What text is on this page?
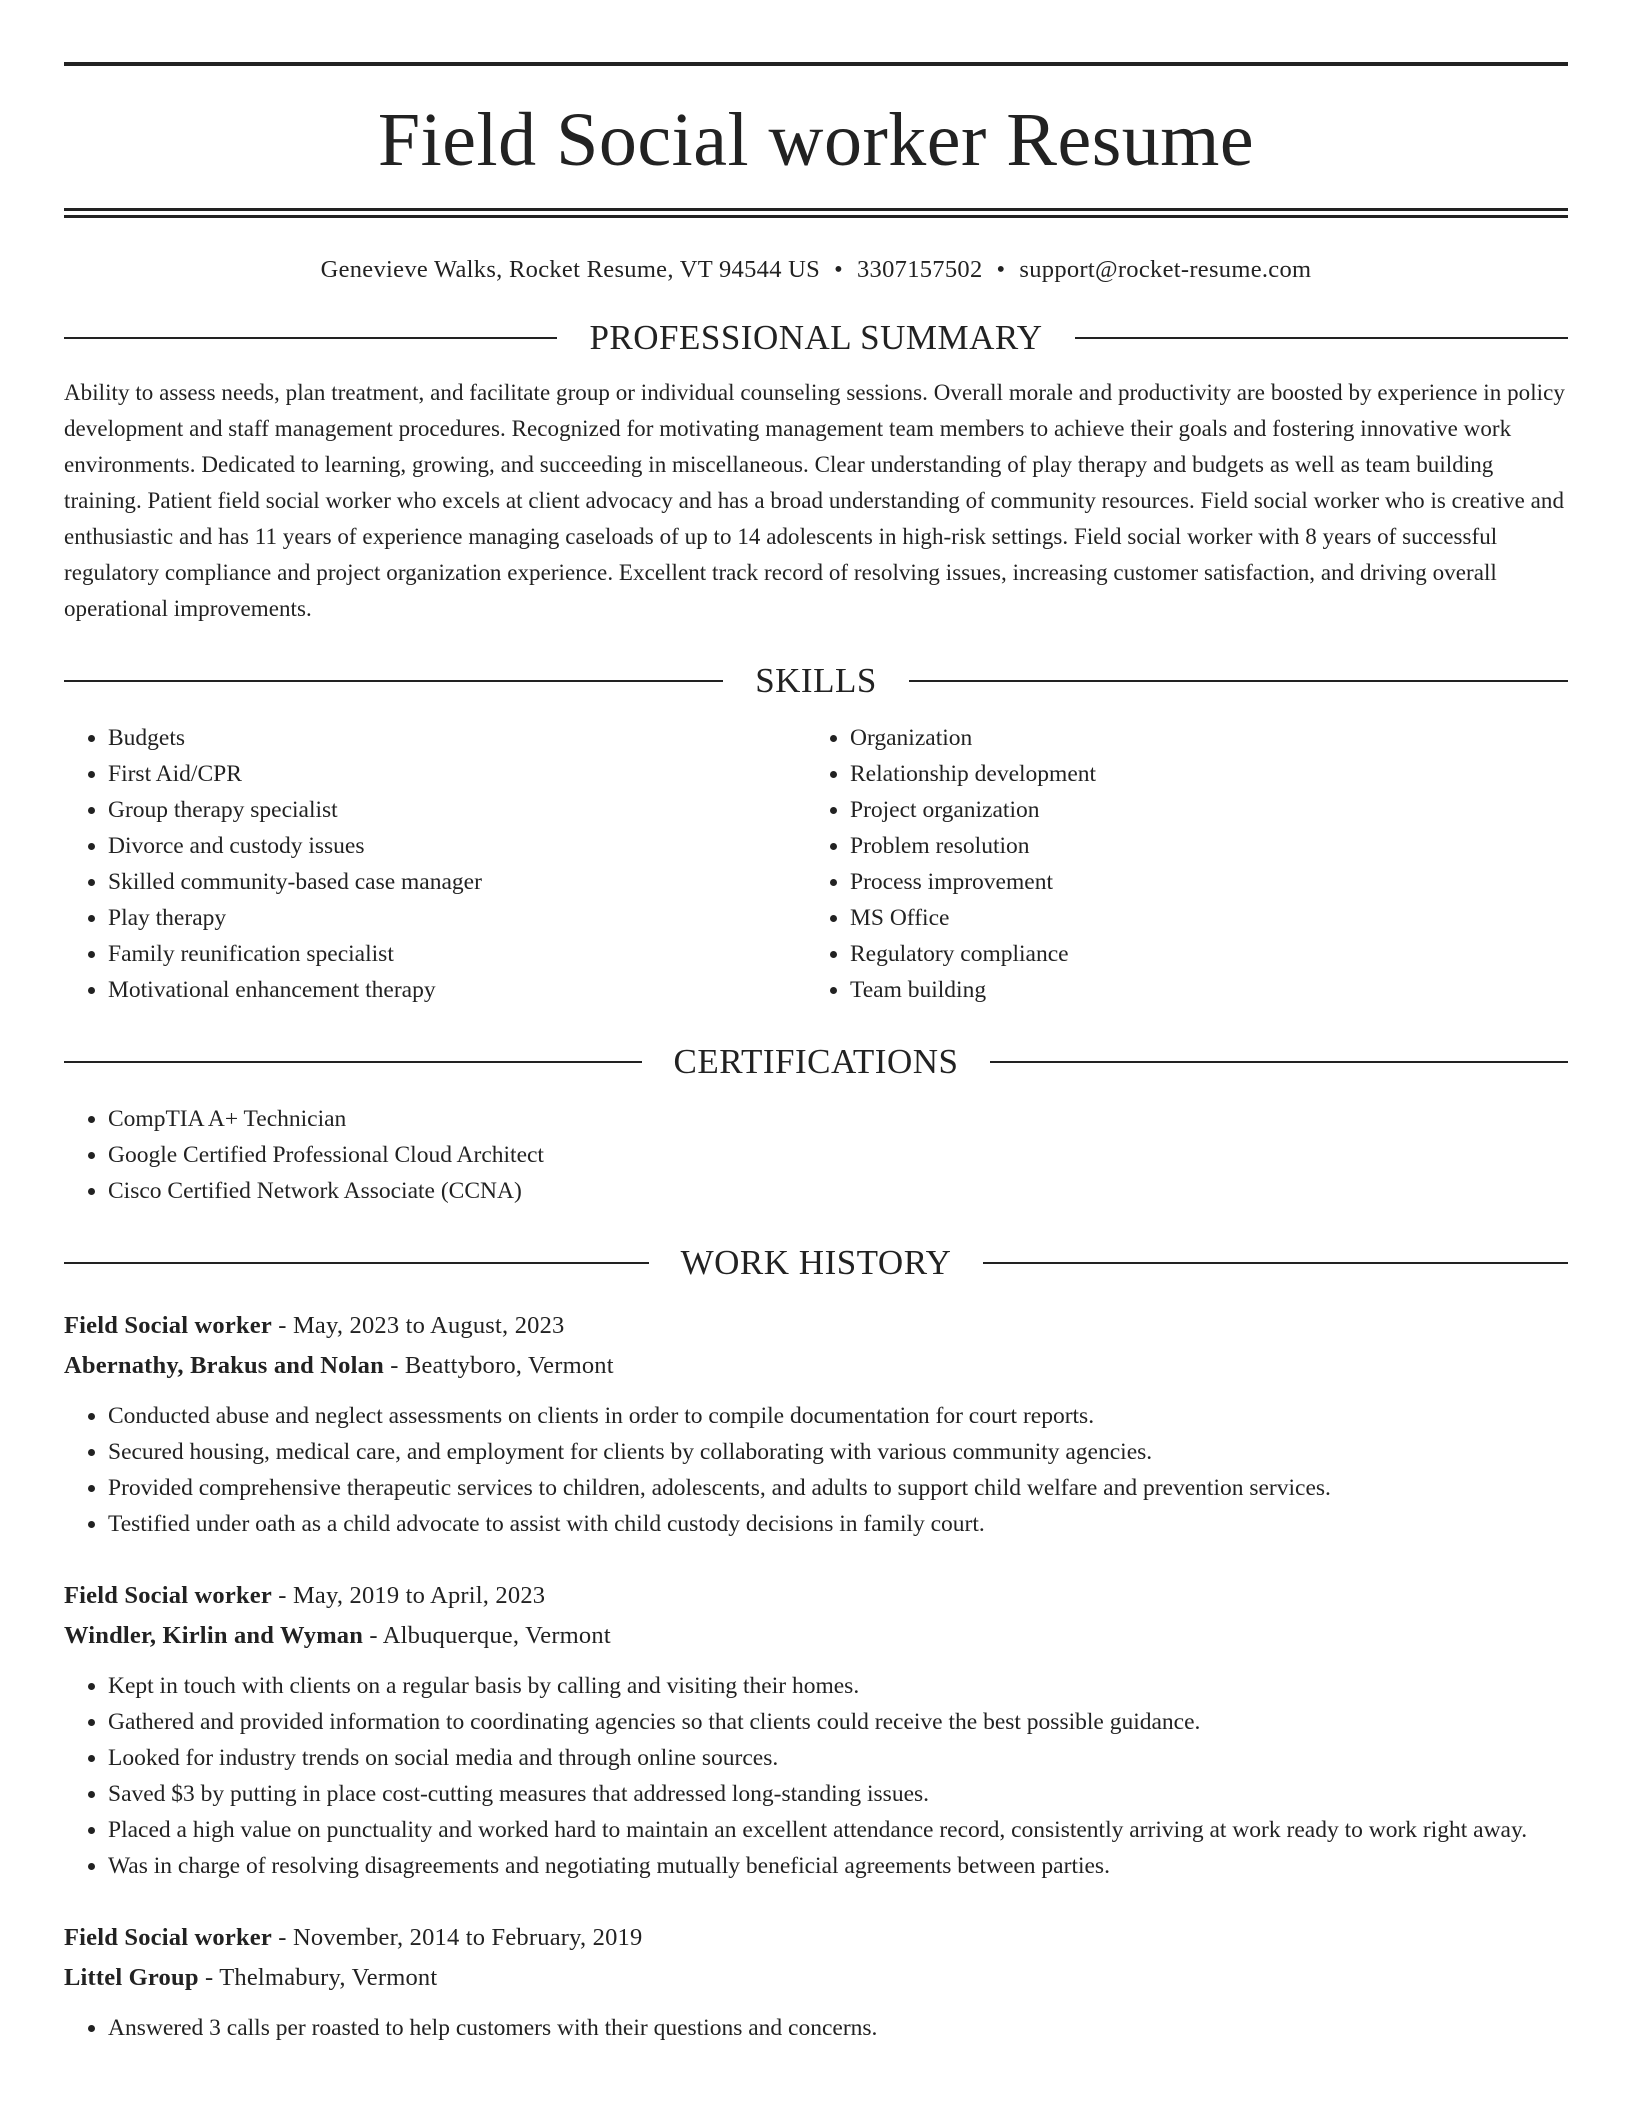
Field Social worker Resume
Genevieve Walks, Rocket Resume, VT 94544 US • 3307157502 • support@rocket-resume.com
PROFESSIONAL SUMMARY
Ability to assess needs, plan treatment, and facilitate group or individual counseling sessions. Overall morale and productivity are boosted by experience in policy development and staff management procedures. Recognized for motivating management team members to achieve their goals and fostering innovative work environments. Dedicated to learning, growing, and succeeding in miscellaneous. Clear understanding of play therapy and budgets as well as team building training. Patient field social worker who excels at client advocacy and has a broad understanding of community resources. Field social worker who is creative and enthusiastic and has 11 years of experience managing caseloads of up to 14 adolescents in high-risk settings. Field social worker with 8 years of successful regulatory compliance and project organization experience. Excellent track record of resolving issues, increasing customer satisfaction, and driving overall operational improvements.
SKILLS
• Budgets
• First Aid/CPR
• Group therapy specialist
• Divorce and custody issues
• Skilled community-based case manager
• Play therapy
• Family reunification specialist
• Motivational enhancement therapy
• Organization
• Relationship development
• Project organization
• Problem resolution
• Process improvement
• MS Office
• Regulatory compliance
• Team building
CERTIFICATIONS
• CompTIA A+ Technician
• Google Certified Professional Cloud Architect
• Cisco Certified Network Associate (CCNA)
WORK HISTORY
Field Social worker - May, 2023 to August, 2023
Abernathy, Brakus and Nolan - Beattyboro, Vermont
• Conducted abuse and neglect assessments on clients in order to compile documentation for court reports.
• Secured housing, medical care, and employment for clients by collaborating with various community agencies.
• Provided comprehensive therapeutic services to children, adolescents, and adults to support child welfare and prevention services.
• Testified under oath as a child advocate to assist with child custody decisions in family court.
Field Social worker - May, 2019 to April, 2023
Windler, Kirlin and Wyman - Albuquerque, Vermont
• Kept in touch with clients on a regular basis by calling and visiting their homes.
• Gathered and provided information to coordinating agencies so that clients could receive the best possible guidance.
• Looked for industry trends on social media and through online sources.
• Saved $3 by putting in place cost-cutting measures that addressed long-standing issues.
• Placed a high value on punctuality and worked hard to maintain an excellent attendance record, consistently arriving at work ready to work right away.
• Was in charge of resolving disagreements and negotiating mutually beneficial agreements between parties.
Field Social worker - November, 2014 to February, 2019
Littel Group - Thelmabury, Vermont
• Answered 3 calls per roasted to help customers with their questions and concerns.
